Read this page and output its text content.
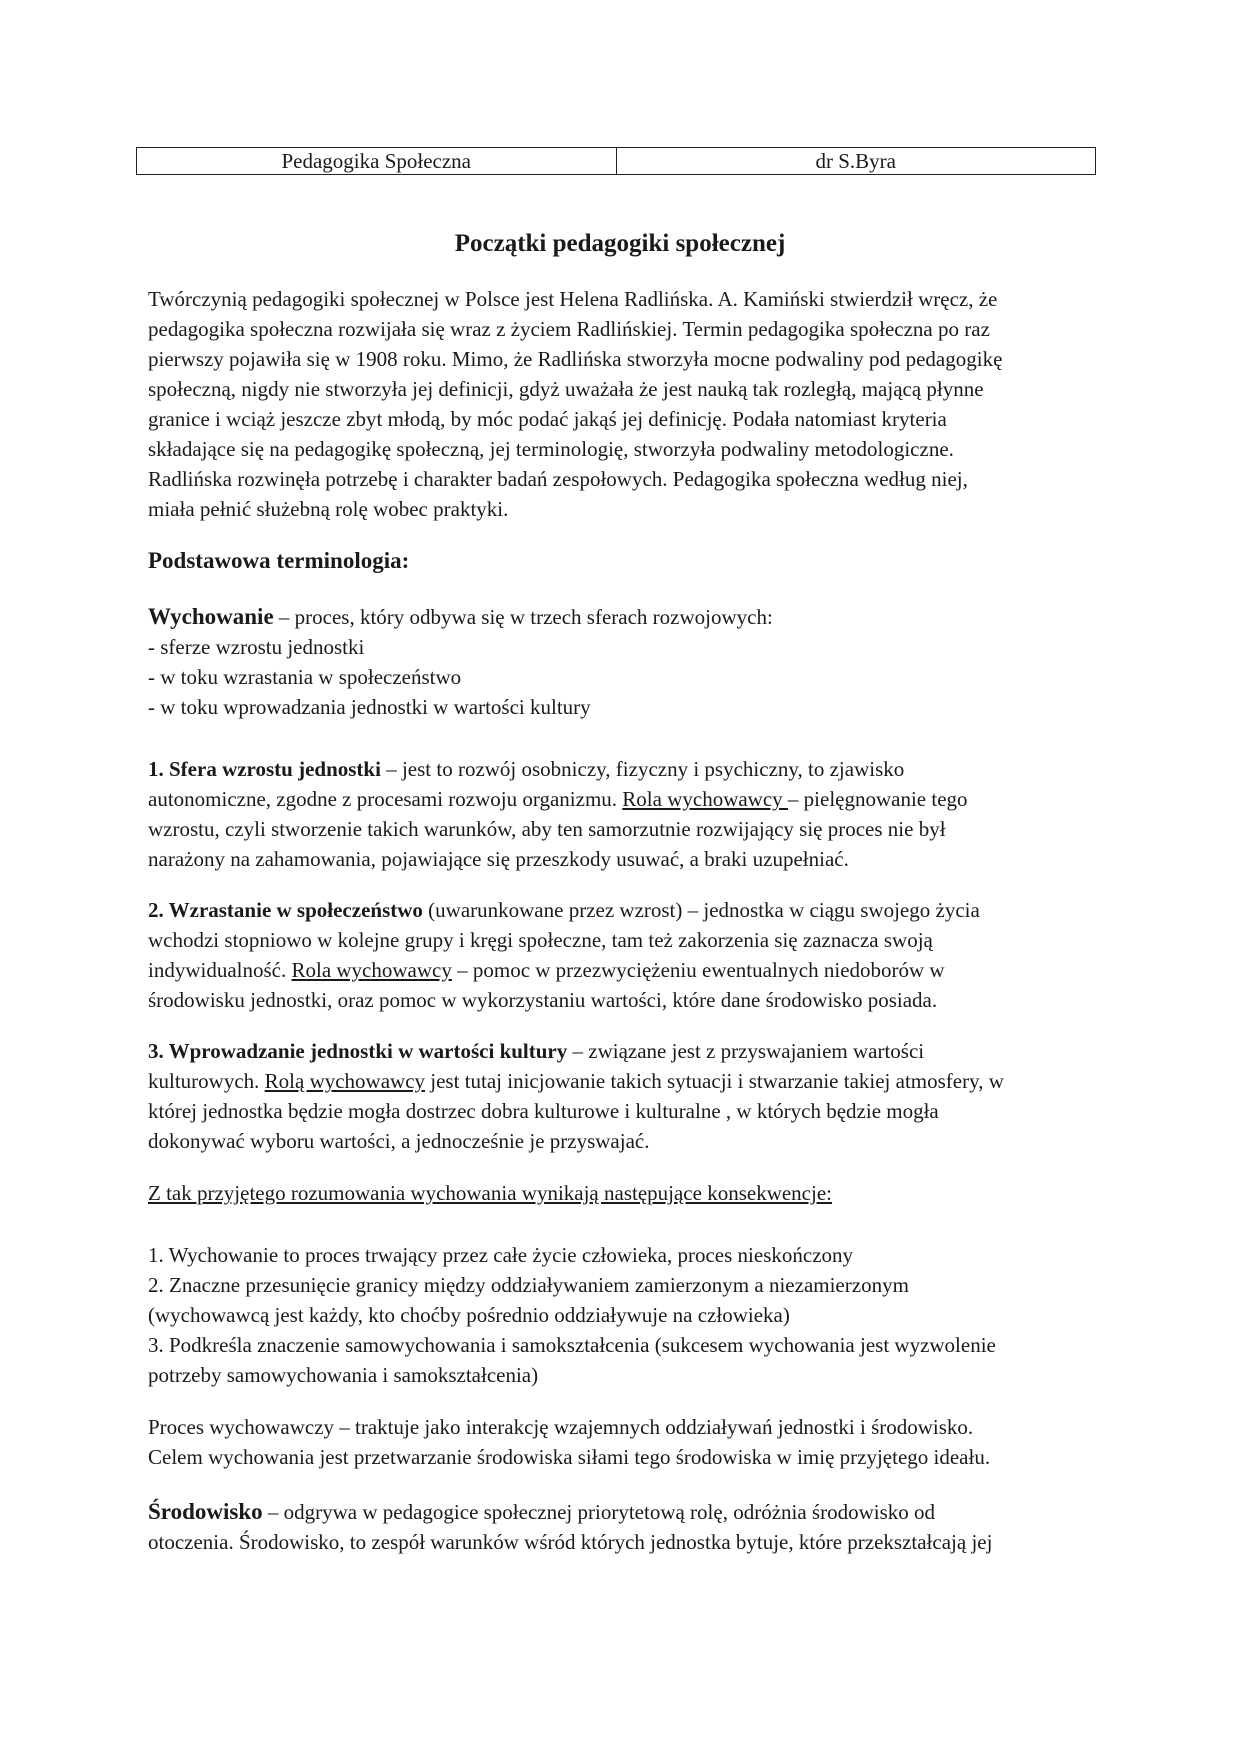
Pedagogika Społeczna	dr S.Byra
Początki pedagogiki społecznej
Twórczynią pedagogiki społecznej w Polsce jest Helena Radlińska. A. Kamiński stwierdził wręcz, że
pedagogika społeczna rozwijała się wraz z życiem Radlińskiej. Termin pedagogika społeczna po raz
pierwszy pojawiła się w 1908 roku. Mimo, że Radlińska stworzyła mocne podwaliny pod pedagogikę
społeczną, nigdy nie stworzyła jej definicji, gdyż uważała że jest nauką tak rozległą, mającą płynne
granice i wciąż jeszcze zbyt młodą, by móc podać jakąś jej definicję. Podała natomiast kryteria
składające się na pedagogikę społeczną, jej terminologię, stworzyła podwaliny metodologiczne.
Radlińska rozwinęła potrzebę i charakter badań zespołowych. Pedagogika społeczna według niej,
miała pełnić służebną rolę wobec praktyki.
Podstawowa terminologia:
Wychowanie – proces, który odbywa się w trzech sferach rozwojowych:
- sferze wzrostu jednostki
- w toku wzrastania w społeczeństwo
- w toku wprowadzania jednostki w wartości kultury
1. Sfera wzrostu jednostki – jest to rozwój osobniczy, fizyczny i psychiczny, to zjawisko
autonomiczne, zgodne z procesami rozwoju organizmu. Rola wychowawcy – pielęgnowanie tego
wzrostu, czyli stworzenie takich warunków, aby ten samorzutnie rozwijający się proces nie był
narażony na zahamowania, pojawiające się przeszkody usuwać, a braki uzupełniać.
2. Wzrastanie w społeczeństwo (uwarunkowane przez wzrost) – jednostka w ciągu swojego życia
wchodzi stopniowo w kolejne grupy i kręgi społeczne, tam też zakorzenia się zaznacza swoją
indywidualność. Rola wychowawcy – pomoc w przezwyciężeniu ewentualnych niedoborów w
środowisku jednostki, oraz pomoc w wykorzystaniu wartości, które dane środowisko posiada.
3. Wprowadzanie jednostki w wartości kultury – związane jest z przyswajaniem wartości
kulturowych. Rolą wychowawcy jest tutaj inicjowanie takich sytuacji i stwarzanie takiej atmosfery, w
której jednostka będzie mogła dostrzec dobra kulturowe i kulturalne , w których będzie mogła
dokonywać wyboru wartości, a jednocześnie je przyswajać.
Z tak przyjętego rozumowania wychowania wynikają następujące konsekwencje:
1. Wychowanie to proces trwający przez całe życie człowieka, proces nieskończony
2. Znaczne przesunięcie granicy między oddziaływaniem zamierzonym a niezamierzonym
(wychowawcą jest każdy, kto choćby pośrednio oddziaływuje na człowieka)
3. Podkreśla znaczenie samowychowania i samokształcenia (sukcesem wychowania jest wyzwolenie
potrzeby samowychowania i samokształcenia)
Proces wychowawczy – traktuje jako interakcję wzajemnych oddziaływań jednostki i środowisko.
Celem wychowania jest przetwarzanie środowiska siłami tego środowiska w imię przyjętego ideału.
Środowisko – odgrywa w pedagogice społecznej priorytetową rolę, odróżnia środowisko od
otoczenia. Środowisko, to zespół warunków wśród których jednostka bytuje, które przekształcają jej
